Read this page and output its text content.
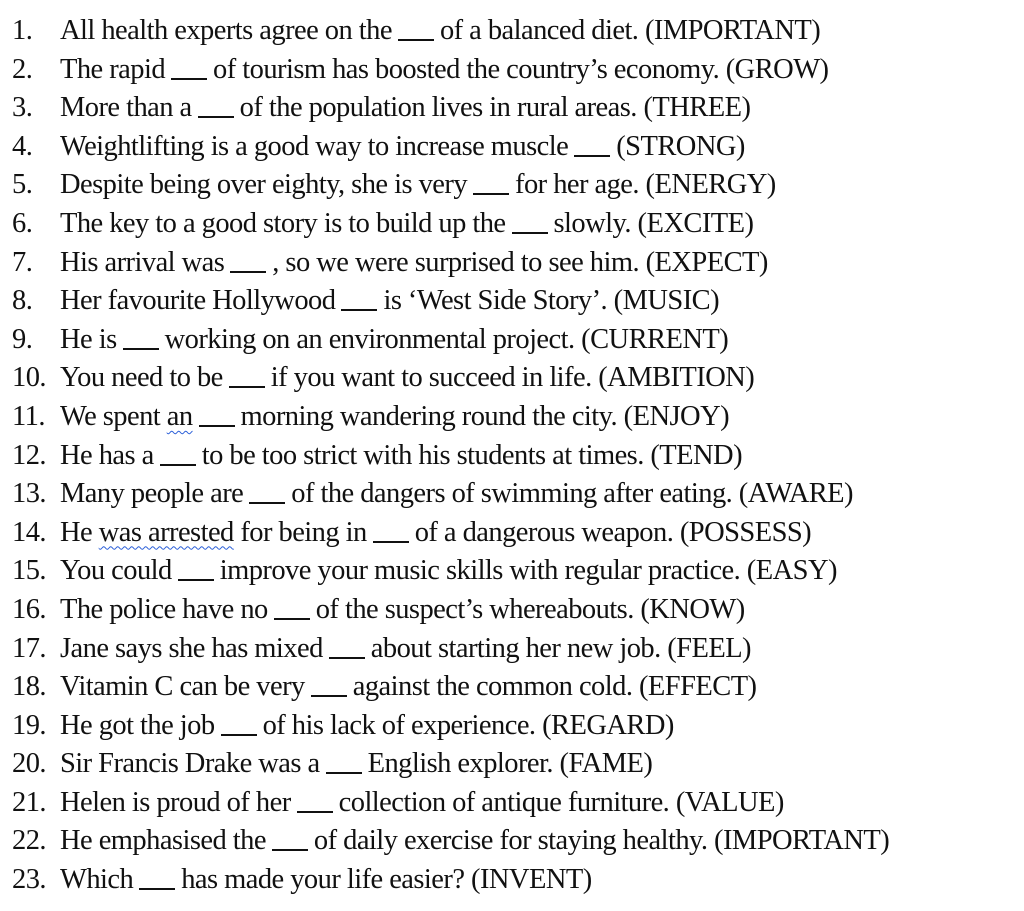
1. All health experts agree on the of a balanced diet. (IMPORTANT)
2. The rapid of tourism has boosted the country’s economy. (GROW)
3. More than a of the population lives in rural areas. (THREE)
4. Weightlifting is a good way to increase muscle (STRONG)
5. Despite being over eighty, she is very for her age. (ENERGY)
6. The key to a good story is to build up the slowly. (EXCITE)
7. His arrival was , so we were surprised to see him. (EXPECT)
8. Her favourite Hollywood is ‘West Side Story’. (MUSIC)
9. He is working on an environmental project. (CURRENT)
10. You need to be if you want to succeed in life. (AMBITION)
11. We spent
an morning wandering round the city. (ENJOY)
12. He has a to be too strict with his students at times. (TEND)
13. Many people are of the dangers of swimming after eating. (AWARE)
14. He
was arrested
for being in of a dangerous weapon. (POSSESS)
15. You could improve your music skills with regular practice. (EASY)
16. The police have no of the suspect’s whereabouts. (KNOW)
17. Jane says she has mixed about starting her new job. (FEEL)
18. Vitamin C can be very against the common cold. (EFFECT)
19. He got the job of his lack of experience. (REGARD)
20. Sir Francis Drake was a English explorer. (FAME)
21. Helen is proud of her collection of antique furniture. (VALUE)
22. He emphasised the of daily exercise for staying healthy. (IMPORTANT)
23. Which has made your life easier? (INVENT)
